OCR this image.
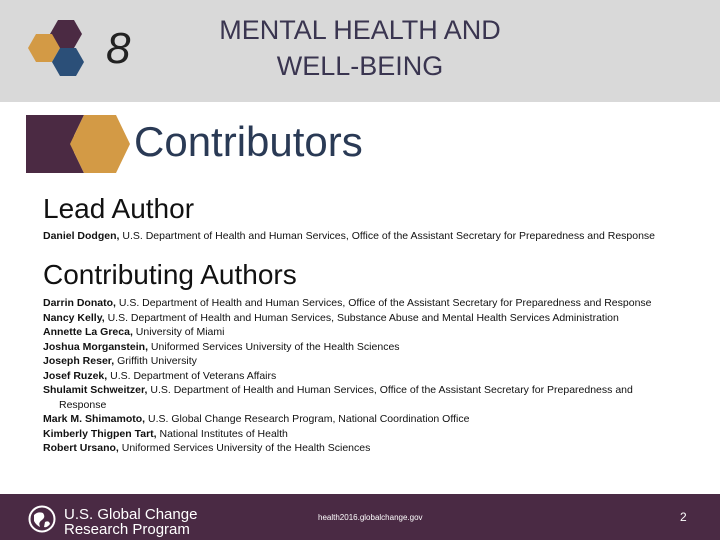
8	MENTAL HEALTH AND
WELL-BEING
Contributors
Lead Author
Daniel Dodgen, U.S. Department of Health and Human Services, Office of the Assistant Secretary for Preparedness and Response
Contributing Authors
Darrin Donato, U.S. Department of Health and Human Services, Office of the Assistant Secretary for Preparedness and Response
Nancy Kelly, U.S. Department of Health and Human Services, Substance Abuse and Mental Health Services Administration
Annette La Greca, University of Miami
Joshua Morganstein, Uniformed Services University of the Health Sciences
Joseph Reser, Griffith University
Josef Ruzek, U.S. Department of Veterans Affairs
Shulamit Schweitzer, U.S. Department of Health and Human Services, Office of the Assistant Secretary for Preparedness and
Response
Mark M. Shimamoto, U.S. Global Change Research Program, National Coordination Office
Kimberly Thigpen Tart, National Institutes of Health
Robert Ursano, Uniformed Services University of the Health Sciences
U.S. Global Change
Research Program
health2016.globalchange.gov	2
